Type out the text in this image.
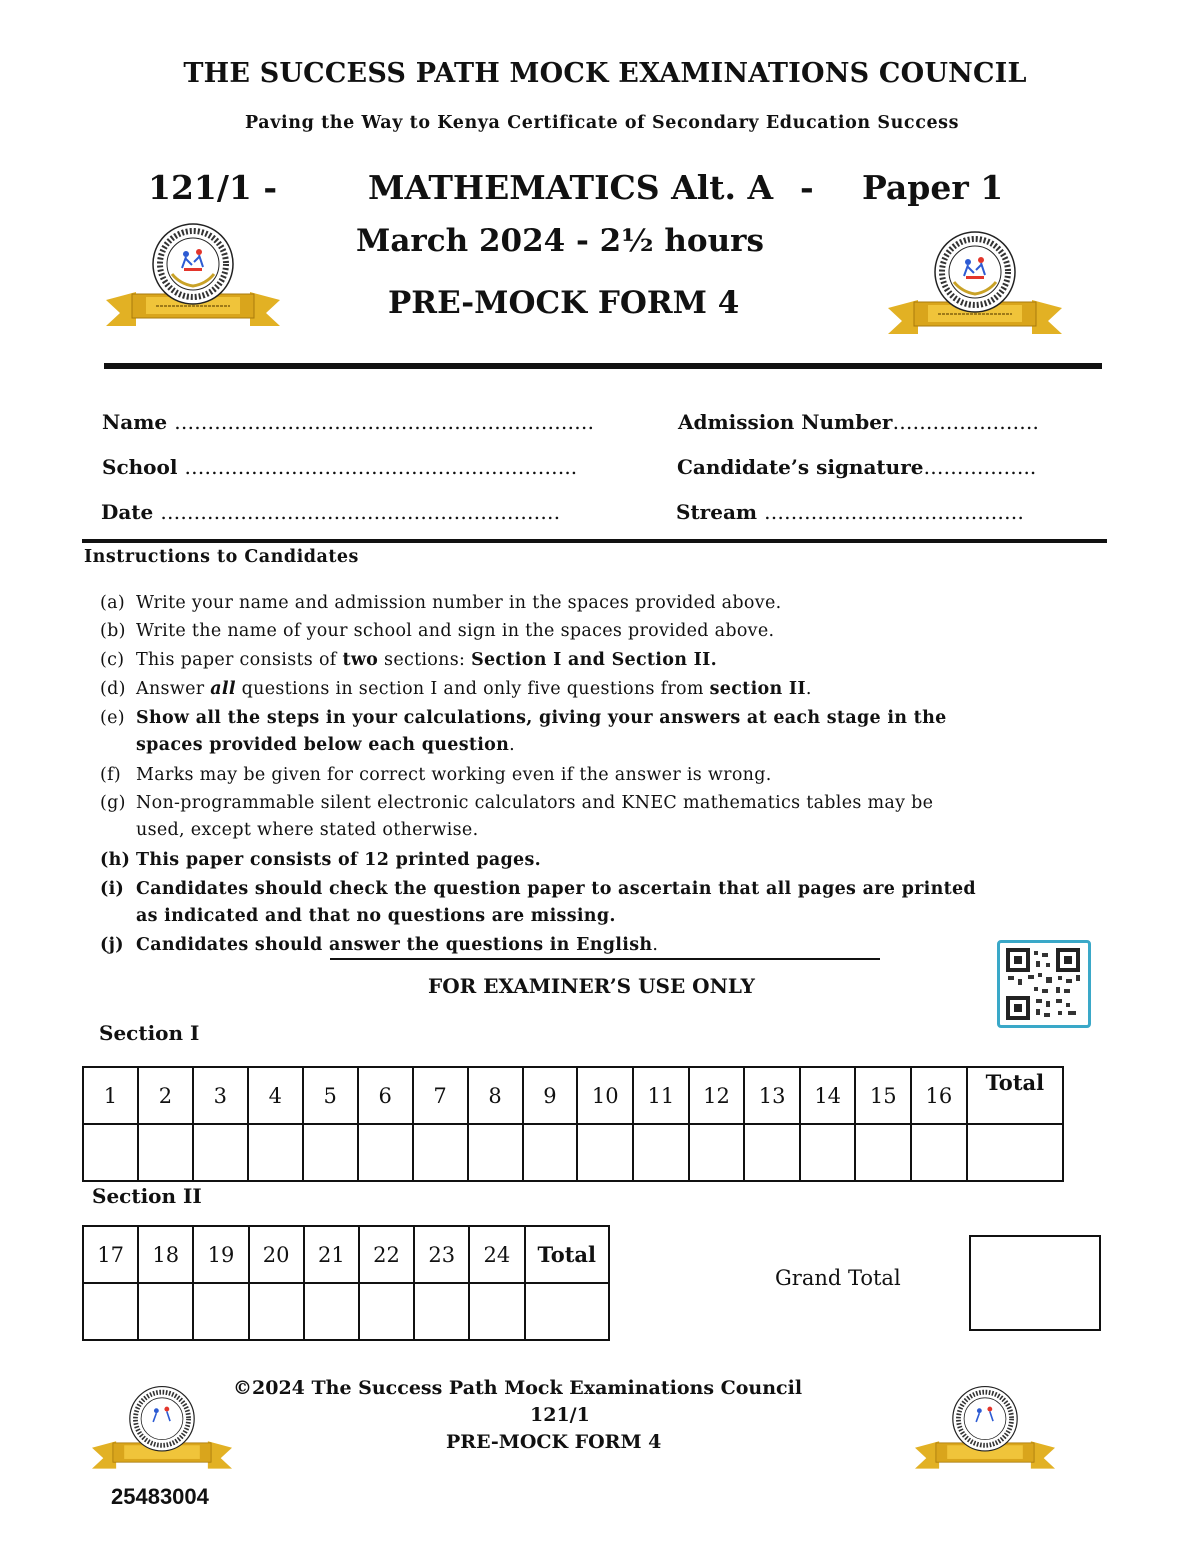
THE SUCCESS PATH MOCK EXAMINATIONS COUNCIL
Paving the Way to Kenya Certificate of Secondary Education Success
121/1 -	MATHEMATICS Alt. A - Paper 1
March 2024 - 2½ hours
PRE-MOCK FORM 4
Name ………………………………………………………	Admission Number………………….
School …………………………………………………..	Candidate’s signature……………..
Date ……………………………………………………	Stream …………………………………
Instructions to Candidates
(a) Write your name and admission number in the spaces provided above.
(b) Write the name of your school and sign in the spaces provided above.
(c) This paper consists of two sections: Section I and Section II.
(d) Answer all questions in section I and only five questions from section II.
(e) Show all the steps in your calculations, giving your answers at each stage in the
spaces provided below each question.
(f) Marks may be given for correct working even if the answer is wrong.
(g) Non-programmable silent electronic calculators and KNEC mathematics tables may be
used, except where stated otherwise.
(h) This paper consists of 12 printed pages.
(i) Candidates should check the question paper to ascertain that all pages are printed
as indicated and that no questions are missing.
(j) Candidates should answer the questions in English.
FOR EXAMINER’S USE ONLY
Section I
1	2	3	4	5	6	7	8	9	10	11	12	13	14	15	16	Total

Section II
17	18	19	20	21	22	23	24	Total

Grand Total
©2024 The Success Path Mock Examinations Council
121/1
PRE-MOCK FORM 4
25483004
